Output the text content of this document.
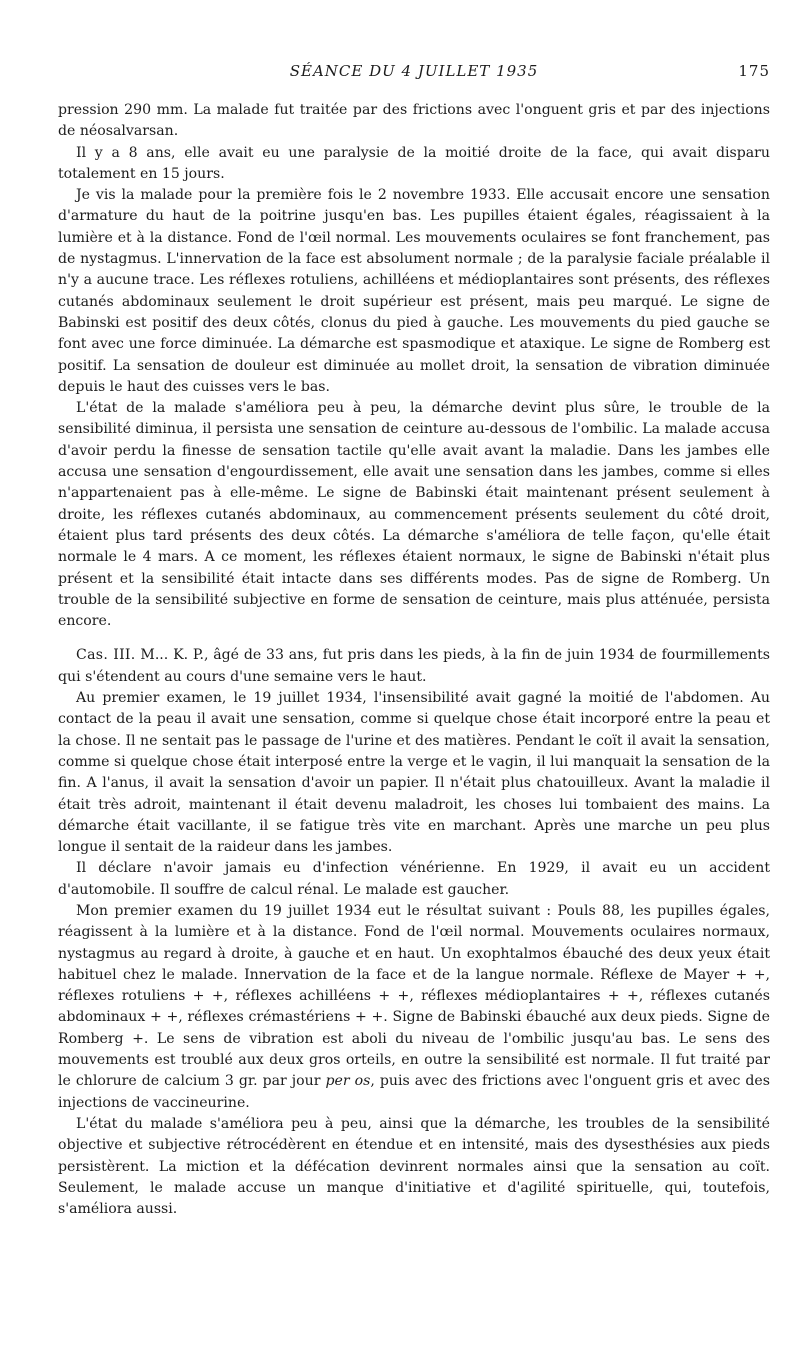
SÉANCE DU 4 JUILLET 1935	175

pression 290 mm. La malade fut traitée par des frictions avec l'onguent gris et par des injections de néosalvarsan.

Il y a 8 ans, elle avait eu une paralysie de la moitié droite de la face, qui avait disparu totalement en 15 jours.

Je vis la malade pour la première fois le 2 novembre 1933. Elle accusait encore une sensation d'armature du haut de la poitrine jusqu'en bas. Les pupilles étaient égales, réagissaient à la lumière et à la distance. Fond de l'œil normal. Les mouvements oculaires se font franchement, pas de nystagmus. L'innervation de la face est absolument normale ; de la paralysie faciale préalable il n'y a aucune trace. Les réflexes rotuliens, achilléens et médioplantaires sont présents, des réflexes cutanés abdominaux seulement le droit supérieur est présent, mais peu marqué. Le signe de Babinski est positif des deux côtés, clonus du pied à gauche. Les mouvements du pied gauche se font avec une force diminuée. La démarche est spasmodique et ataxique. Le signe de Romberg est positif. La sensation de douleur est diminuée au mollet droit, la sensation de vibration diminuée depuis le haut des cuisses vers le bas.

L'état de la malade s'améliora peu à peu, la démarche devint plus sûre, le trouble de la sensibilité diminua, il persista une sensation de ceinture au-dessous de l'ombilic. La malade accusa d'avoir perdu la finesse de sensation tactile qu'elle avait avant la maladie. Dans les jambes elle accusa une sensation d'engourdissement, elle avait une sensation dans les jambes, comme si elles n'appartenaient pas à elle-même. Le signe de Babinski était maintenant présent seulement à droite, les réflexes cutanés abdominaux, au commencement présents seulement du côté droit, étaient plus tard présents des deux côtés. La démarche s'améliora de telle façon, qu'elle était normale le 4 mars. A ce moment, les réflexes étaient normaux, le signe de Babinski n'était plus présent et la sensibilité était intacte dans ses différents modes. Pas de signe de Romberg. Un trouble de la sensibilité subjective en forme de sensation de ceinture, mais plus atténuée, persista encore.

Cas. III. M... K. P., âgé de 33 ans, fut pris dans les pieds, à la fin de juin 1934 de fourmillements qui s'étendent au cours d'une semaine vers le haut.

Au premier examen, le 19 juillet 1934, l'insensibilité avait gagné la moitié de l'abdomen. Au contact de la peau il avait une sensation, comme si quelque chose était incorporé entre la peau et la chose. Il ne sentait pas le passage de l'urine et des matières. Pendant le coït il avait la sensation, comme si quelque chose était interposé entre la verge et le vagin, il lui manquait la sensation de la fin. A l'anus, il avait la sensation d'avoir un papier. Il n'était plus chatouilleux. Avant la maladie il était très adroit, maintenant il était devenu maladroit, les choses lui tombaient des mains. La démarche était vacillante, il se fatigue très vite en marchant. Après une marche un peu plus longue il sentait de la raideur dans les jambes.

Il déclare n'avoir jamais eu d'infection vénérienne. En 1929, il avait eu un accident d'automobile. Il souffre de calcul rénal. Le malade est gaucher.

Mon premier examen du 19 juillet 1934 eut le résultat suivant : Pouls 88, les pupilles égales, réagissent à la lumière et à la distance. Fond de l'œil normal. Mouvements oculaires normaux, nystagmus au regard à droite, à gauche et en haut. Un exophtalmos ébauché des deux yeux était habituel chez le malade. Innervation de la face et de la langue normale. Réflexe de Mayer + +, réflexes rotuliens + +, réflexes achilléens + +, réflexes médioplantaires + +, réflexes cutanés abdominaux + +, réflexes crémastériens + +. Signe de Babinski ébauché aux deux pieds. Signe de Romberg +. Le sens de vibration est aboli du niveau de l'ombilic jusqu'au bas. Le sens des mouvements est troublé aux deux gros orteils, en outre la sensibilité est normale. Il fut traité par le chlorure de calcium 3 gr. par jour per os, puis avec des frictions avec l'onguent gris et avec des injections de vaccineurine.

L'état du malade s'améliora peu à peu, ainsi que la démarche, les troubles de la sensibilité objective et subjective rétrocédèrent en étendue et en intensité, mais des dysesthésies aux pieds persistèrent. La miction et la défécation devinrent normales ainsi que la sensation au coït. Seulement, le malade accuse un manque d'initiative et d'agilité spirituelle, qui, toutefois, s'améliora aussi.
